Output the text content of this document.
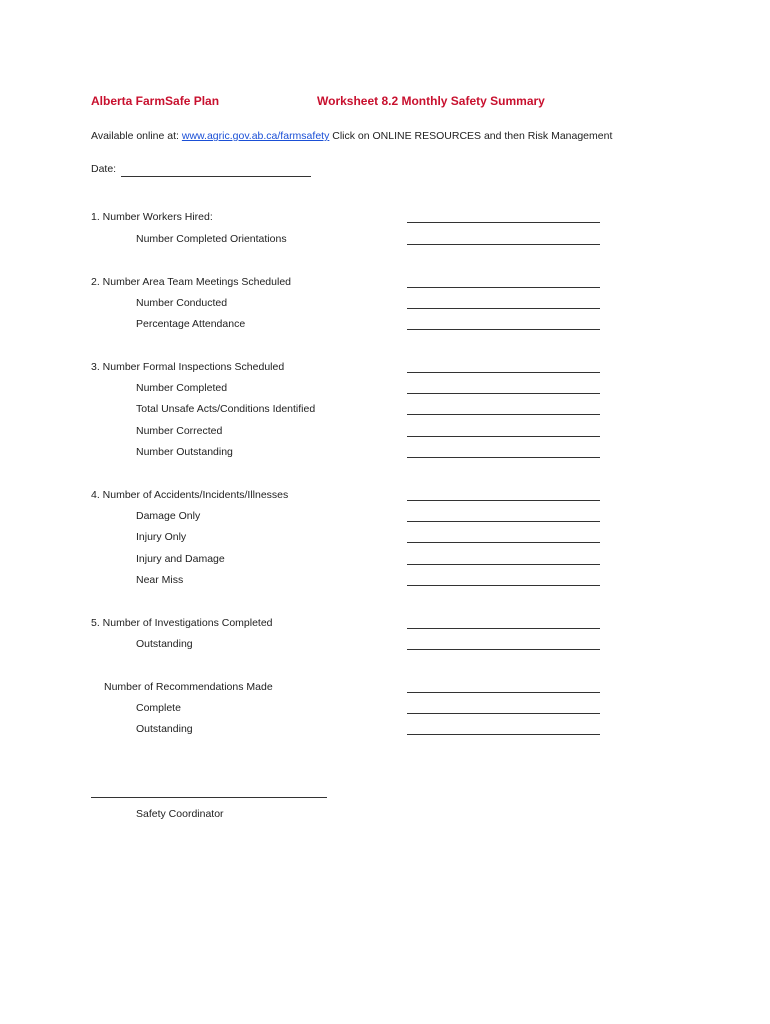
Alberta FarmSafe Plan	Worksheet 8.2 Monthly Safety Summary
Available online at: www.agric.gov.ab.ca/farmsafety Click on ONLINE RESOURCES and then Risk Management
Date:
1. Number Workers Hired:
Number Completed Orientations
2. Number Area Team Meetings Scheduled
Number Conducted
Percentage Attendance
3. Number Formal Inspections Scheduled
Number Completed
Total Unsafe Acts/Conditions Identified
Number Corrected
Number Outstanding
4. Number of Accidents/Incidents/Illnesses
Damage Only
Injury Only
Injury and Damage
Near Miss
5. Number of Investigations Completed
Outstanding
Number of Recommendations Made
Complete
Outstanding
Safety Coordinator
